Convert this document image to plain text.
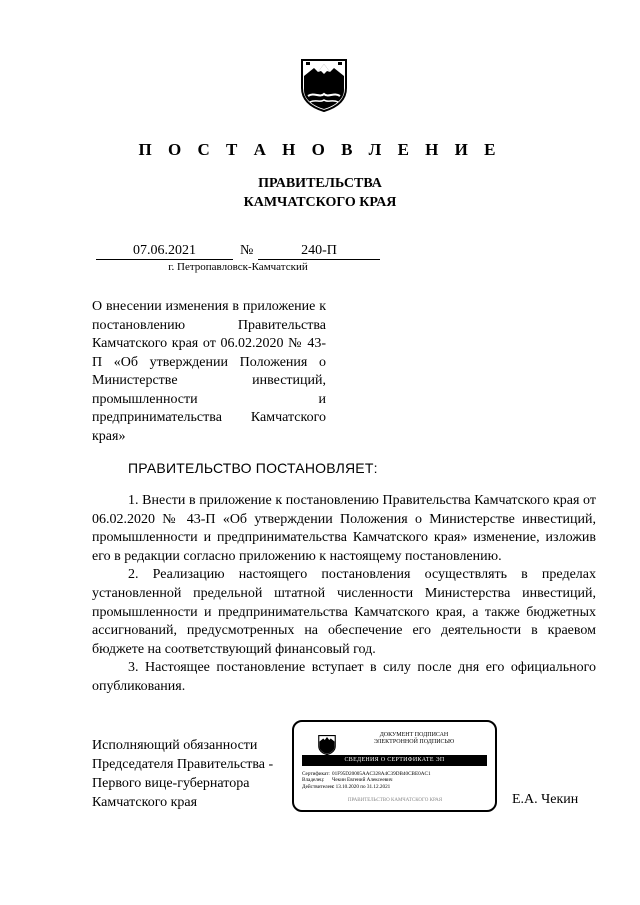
П О С Т А Н О В Л Е Н И Е
ПРАВИТЕЛЬСТВА
КАМЧАТСКОГО КРАЯ
07.06.2021	№	240-П
г. Петропавловск-Камчатский
О внесении изменения в приложение к постановлению Правительства Камчатского края от 06.02.2020 № 43-П «Об утверждении Положения о Министерстве инвестиций, промышленности и предпринимательства Камчатского края»
ПРАВИТЕЛЬСТВО ПОСТАНОВЛЯЕТ:

1. Внести в приложение к постановлению Правительства Камчатского края от 06.02.2020 № 43-П «Об утверждении Положения о Министерстве инвестиций, промышленности и предпринимательства Камчатского края» изменение, изложив его в редакции согласно приложению к настоящему постановлению.

2. Реализацию настоящего постановления осуществлять в пределах установленной предельной штатной численности Министерства инвестиций, промышленности и предпринимательства Камчатского края, а также бюджетных ассигнований, предусмотренных на обеспечение его деятельности в краевом бюджете на соответствующий финансовый год.

3. Настоящее постановление вступает в силу после дня его официального опубликования.

Исполняющий обязанности
Председателя Правительства -
Первого вице-губернатора
Камчатского края
ДОКУМЕНТ ПОДПИСАН
ЭЛЕКТРОННОЙ ПОДПИСЬЮ
СВЕДЕНИЯ О СЕРТИФИКАТЕ ЭП
Сертификат: 01F95D20005AAC328A4C39DB40CBE0AC1
Владелец:	Чекин Евгений Алексеевич
Действителен:
с 13.10.2020 по 31.12.2021
ПРАВИТЕЛЬСТВО КАМЧАТСКОГО КРАЯ	Е.А. Чекин
